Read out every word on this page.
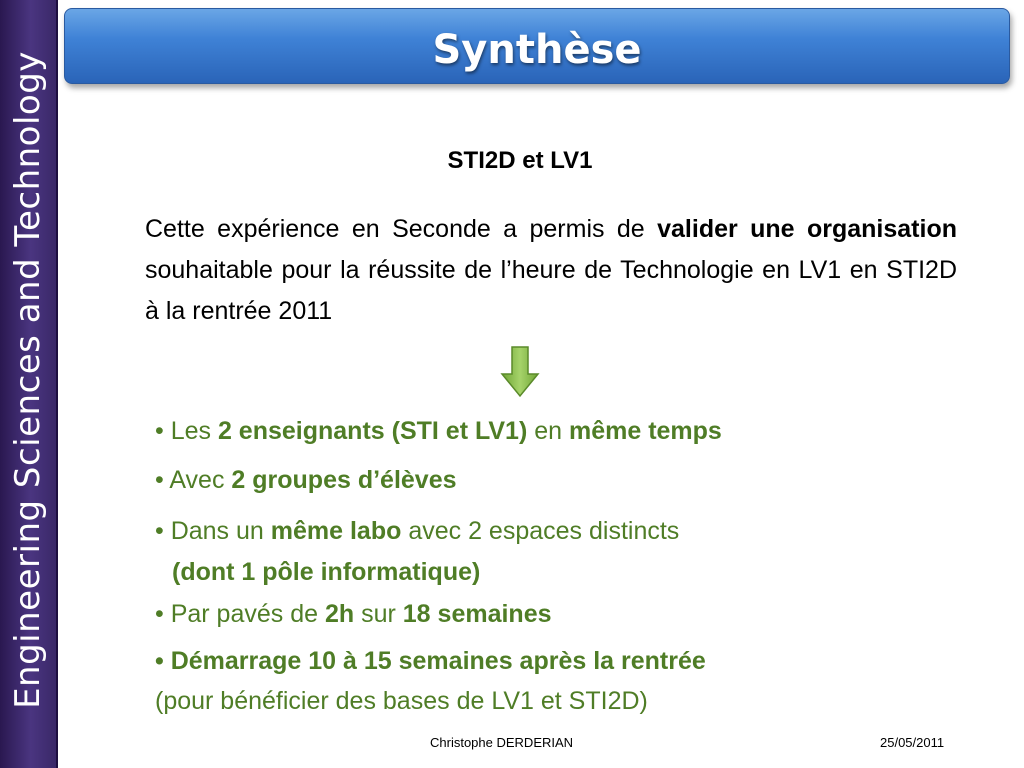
Engineering Sciences and Technology
Synthèse
STI2D et LV1
Cette expérience en Seconde a permis de valider une organisation souhaitable pour la réussite de l’heure de Technologie en LV1 en STI2D à la rentrée 2011
• Les 2 enseignants (STI et LV1) en même temps
• Avec 2 groupes d’élèves
• Dans un même labo avec 2 espaces distincts
(dont 1 pôle informatique)
• Par pavés de 2h sur 18 semaines
• Démarrage 10 à 15 semaines après la rentrée
(pour bénéficier des bases de LV1 et STI2D)
Christophe DERDERIAN	25/05/2011
